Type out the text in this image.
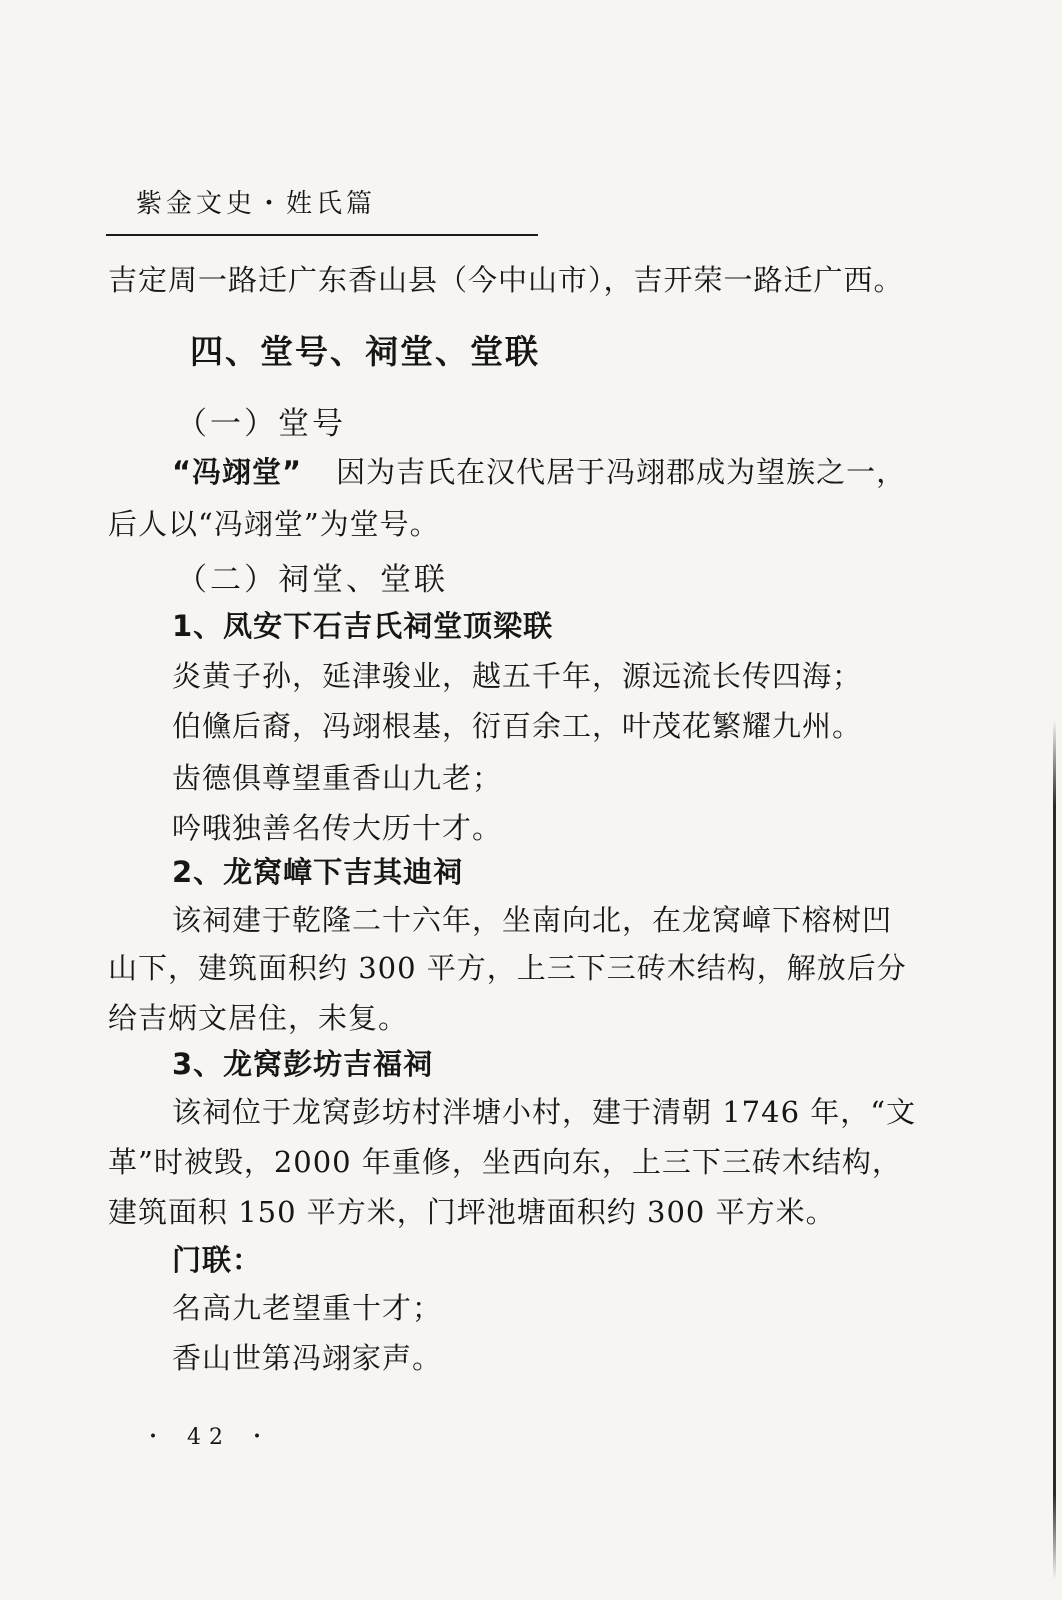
紫金文史・姓氏篇
吉定周一路迁广东香山县（今中山市），吉开荣一路迁广西。
四、堂号、祠堂、堂联
（一）堂号
“冯翊堂” 因为吉氏在汉代居于冯翊郡成为望族之一，
后人以“冯翊堂”为堂号。
（二）祠堂、堂联
1、凤安下石吉氏祠堂顶梁联
炎黄子孙，延津骏业，越五千年，源远流长传四海；
伯儵后裔，冯翊根基，衍百余工，叶茂花繁耀九州。
齿德俱尊望重香山九老；
吟哦独善名传大历十才。
2、龙窝嶂下吉其迪祠
该祠建于乾隆二十六年，坐南向北，在龙窝嶂下榕树凹
山下，建筑面积约 300 平方，上三下三砖木结构，解放后分
给吉炳文居住，未复。
3、龙窝彭坊吉福祠
该祠位于龙窝彭坊村泮塘小村，建于清朝 1746 年，“文
革”时被毁，2000 年重修，坐西向东，上三下三砖木结构，
建筑面积 150 平方米，门坪池塘面积约 300 平方米。
门联：
名高九老望重十才；
香山世第冯翊家声。
・ 42 ・
